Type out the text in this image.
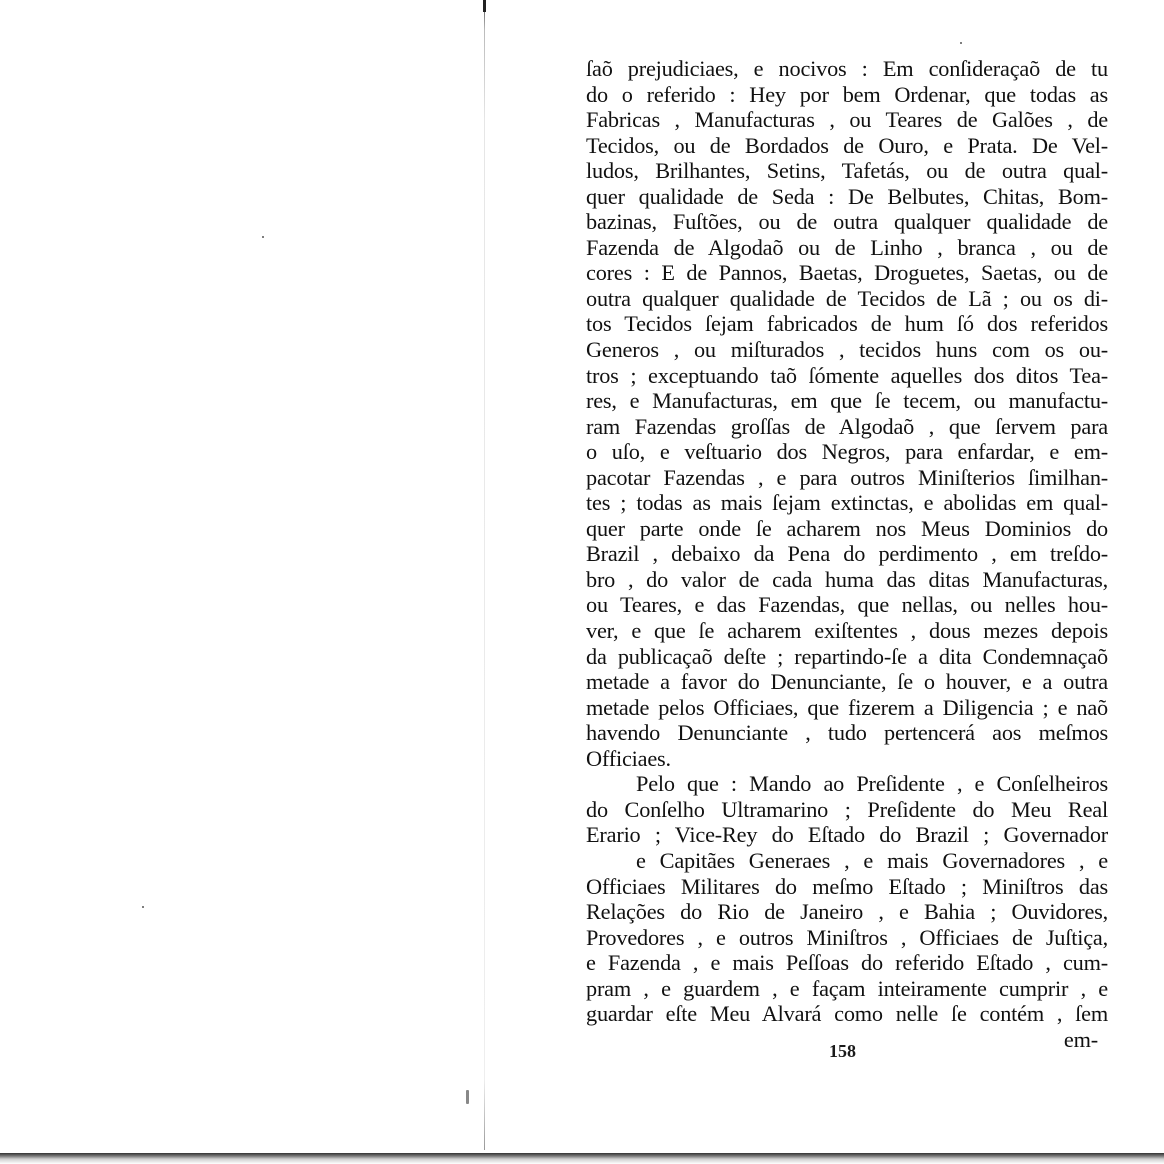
ſaõ prejudiciaes, e nocivos : Em conſideraçaõ de tu
do o referido : Hey por bem Ordenar, que todas as
Fabricas , Manufacturas , ou Teares de Galões , de
Tecidos, ou de Bordados de Ouro, e Prata. De Vel-
ludos, Brilhantes, Setins, Tafetás, ou de outra qual-
quer qualidade de Seda : De Belbutes, Chitas, Bom-
bazinas, Fuſtões, ou de outra qualquer qualidade de
Fazenda de Algodaõ ou de Linho , branca , ou de
cores : E de Pannos, Baetas, Droguetes, Saetas, ou de
outra qualquer qualidade de Tecidos de Lã ; ou os di-
tos Tecidos ſejam fabricados de hum ſó dos referidos
Generos , ou miſturados , tecidos huns com os ou-
tros ; exceptuando taõ ſómente aquelles dos ditos Tea-
res, e Manufacturas, em que ſe tecem, ou manufactu-
ram Fazendas groſſas de Algodaõ , que ſervem para
o uſo, e veſtuario dos Negros, para enfardar, e em-
pacotar Fazendas , e para outros Miniſterios ſimilhan-
tes ; todas as mais ſejam extinctas, e abolidas em qual-
quer parte onde ſe acharem nos Meus Dominios do
Brazil , debaixo da Pena do perdimento , em treſdo-
bro , do valor de cada huma das ditas Manufacturas,
ou Teares, e das Fazendas, que nellas, ou nelles hou-
ver, e que ſe acharem exiſtentes , dous mezes depois
da publicaçaõ deſte ; repartindo-ſe a dita Condemnaçaõ
metade a favor do Denunciante, ſe o houver, e a outra
metade pelos Officiaes, que fizerem a Diligencia ; e naõ
havendo Denunciante , tudo pertencerá aos meſmos
Officiaes.
Pelo que : Mando ao Preſidente , e Conſelheiros
do Conſelho Ultramarino ; Preſidente do Meu Real
Erario ; Vice-Rey do Eſtado do Brazil ; Governador
e Capitães Generaes , e mais Governadores , e
Officiaes Militares do meſmo Eſtado ; Miniſtros das
Relações do Rio de Janeiro , e Bahia ; Ouvidores,
Provedores , e outros Miniſtros , Officiaes de Juſtiça,
e Fazenda , e mais Peſſoas do referido Eſtado , cum-
pram , e guardem , e façam inteiramente cumprir , e
guardar eſte Meu Alvará como nelle ſe contém , ſem
em-
158
